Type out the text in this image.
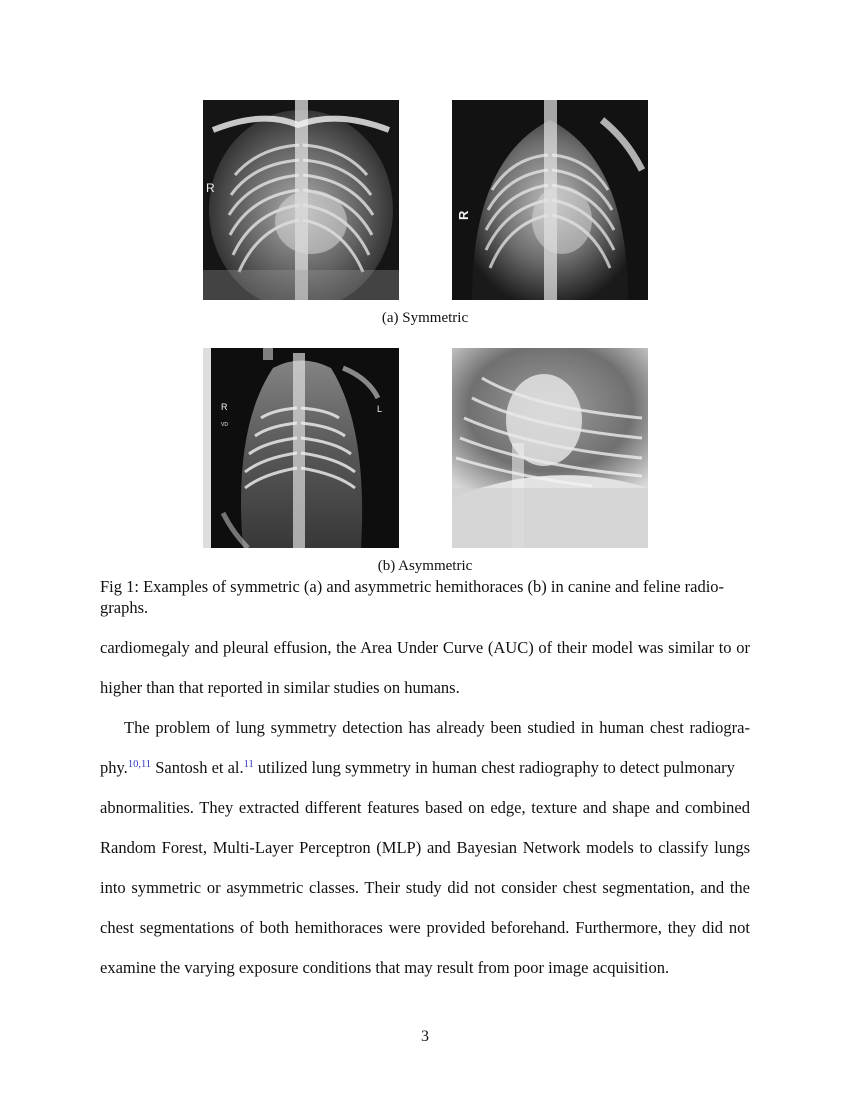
R
R
(a) Symmetric
R
VD
L
(b) Asymmetric
Fig 1: Examples of symmetric (a) and asymmetric hemithoraces (b) in canine and feline radio-
graphs.
cardiomegaly and pleural effusion, the Area Under Curve (AUC) of their model was similar to or
higher than that reported in similar studies on humans.
The problem of lung symmetry detection has already been studied in human chest radiogra-
phy.$^{10,11}$ Santosh et al.$^{11}$ utilized lung symmetry in human chest radiography to detect pulmonary
abnormalities. They extracted different features based on edge, texture and shape and combined
Random Forest, Multi-Layer Perceptron (MLP) and Bayesian Network models to classify lungs
into symmetric or asymmetric classes. Their study did not consider chest segmentation, and the
chest segmentations of both hemithoraces were provided beforehand. Furthermore, they did not
examine the varying exposure conditions that may result from poor image acquisition.
3
